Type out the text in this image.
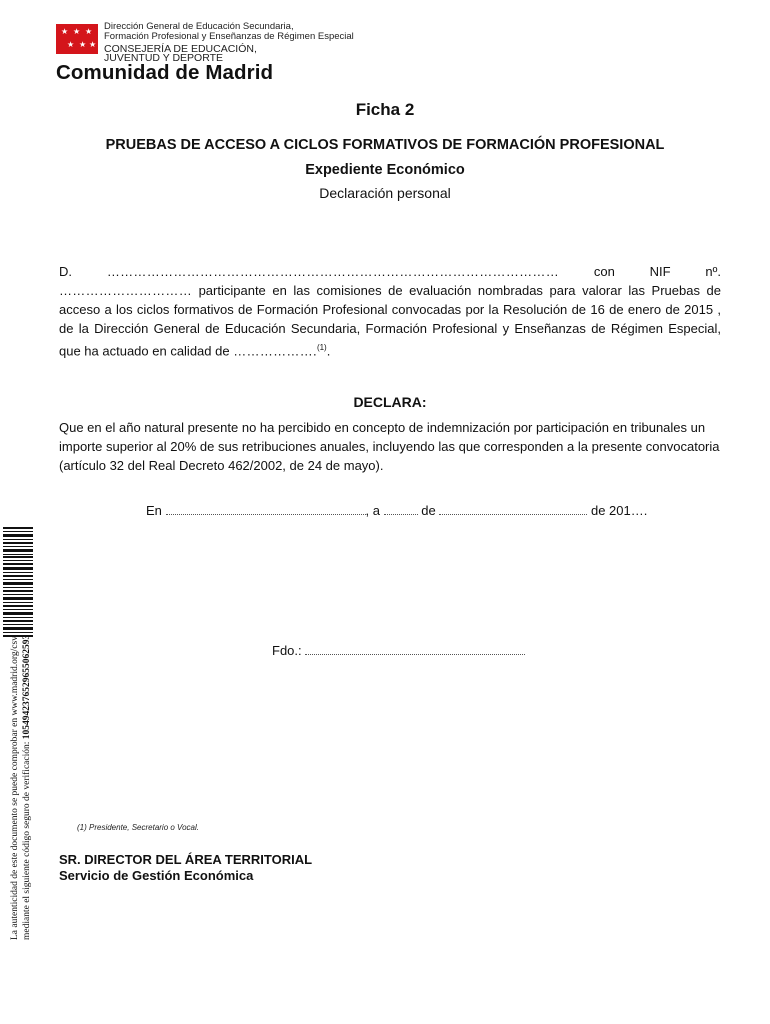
★ ★ ★
★ ★ ★
Dirección General de Educación Secundaria,
Formación Profesional y Enseñanzas de Régimen Especial
CONSEJERÍA DE EDUCACIÓN,
JUVENTUD Y DEPORTE
Comunidad de Madrid
Ficha 2
PRUEBAS DE ACCESO A CICLOS FORMATIVOS DE FORMACIÓN PROFESIONAL
Expediente Económico
Declaración personal
D.	…………………………………………………………………………………………	con NIF nº. ………………………… participante en las comisiones de evaluación nombradas para valorar las Pruebas de acceso a los ciclos formativos de Formación Profesional convocadas por la Resolución de 16 de enero de 2015 , de la Dirección General de Educación Secundaria, Formación Profesional y Enseñanzas de Régimen Especial, que ha actuado en calidad de ……………….$^{(1)}$.
DECLARA:
Que en el año natural presente no ha percibido en concepto de indemnización por participación en tribunales un importe superior al 20% de sus retribuciones anuales, incluyendo las que corresponden a la presente convocatoria (artículo 32 del Real Decreto 462/2002, de 24 de mayo).
En	, a	de	de 201….
Fdo.:
(1) Presidente, Secretario o Vocal.
SR. DIRECTOR DEL ÁREA TERRITORIAL
Servicio de Gestión Económica
La autenticidad de este documento se puede comprobar en www.madrid.org/csv mediante el siguiente código seguro de verificación: 1054942376529655062593
